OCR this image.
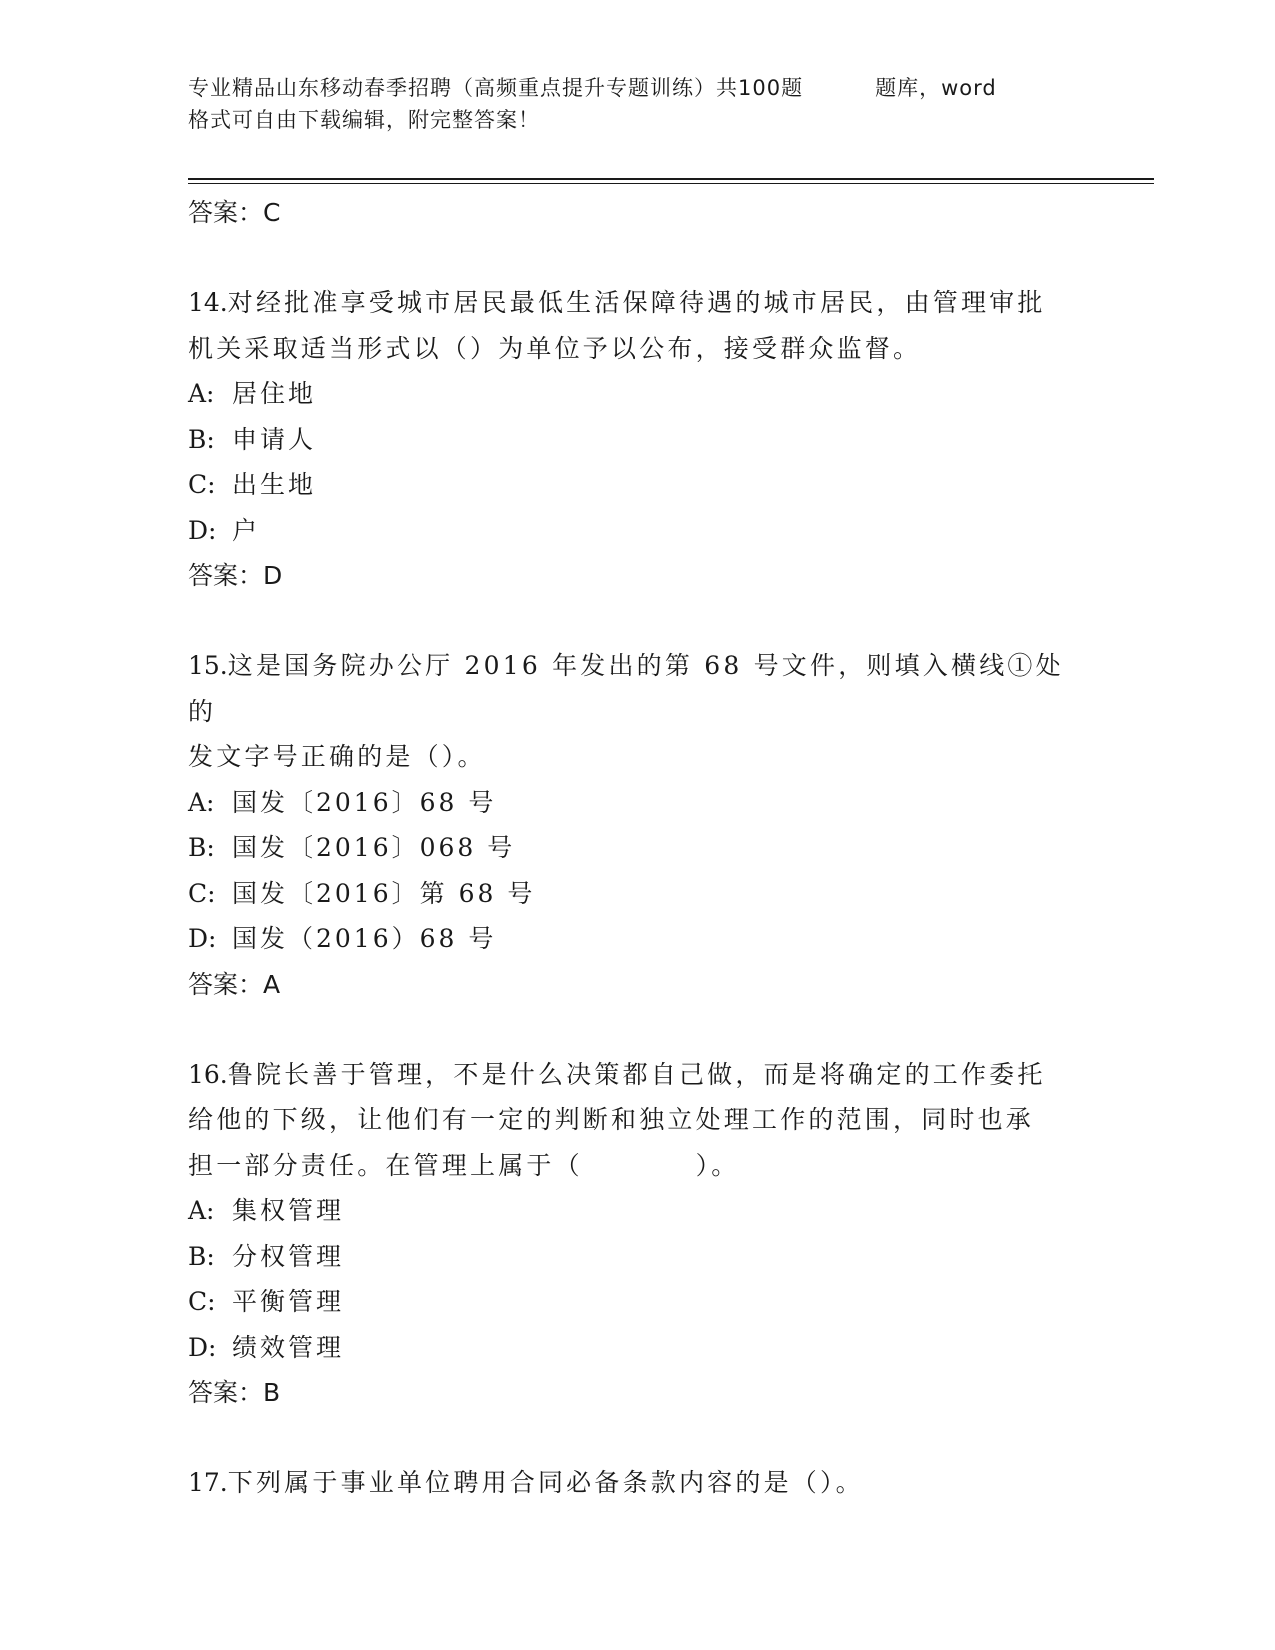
专业精品山东移动春季招聘（高频重点提升专题训练）共100题	题库，word
格式可自由下载编辑，附完整答案！
答案：C
14.对经批准享受城市居民最低生活保障待遇的城市居民，由管理审批
机关采取适当形式以（）为单位予以公布，接受群众监督。
A: 居住地
B: 申请人
C: 出生地
D: 户
答案：D
15.这是国务院办公厅 2016 年发出的第 68 号文件，则填入横线①处的
发文字号正确的是（）。
A: 国发〔2016〕68 号
B: 国发〔2016〕068 号
C: 国发〔2016〕第 68 号
D: 国发（2016）68 号
答案：A
16.鲁院长善于管理，不是什么决策都自己做，而是将确定的工作委托
给他的下级，让他们有一定的判断和独立处理工作的范围，同时也承
担一部分责任。在管理上属于（　　　　）。
A: 集权管理
B: 分权管理
C: 平衡管理
D: 绩效管理
答案：B
17.下列属于事业单位聘用合同必备条款内容的是（）。
